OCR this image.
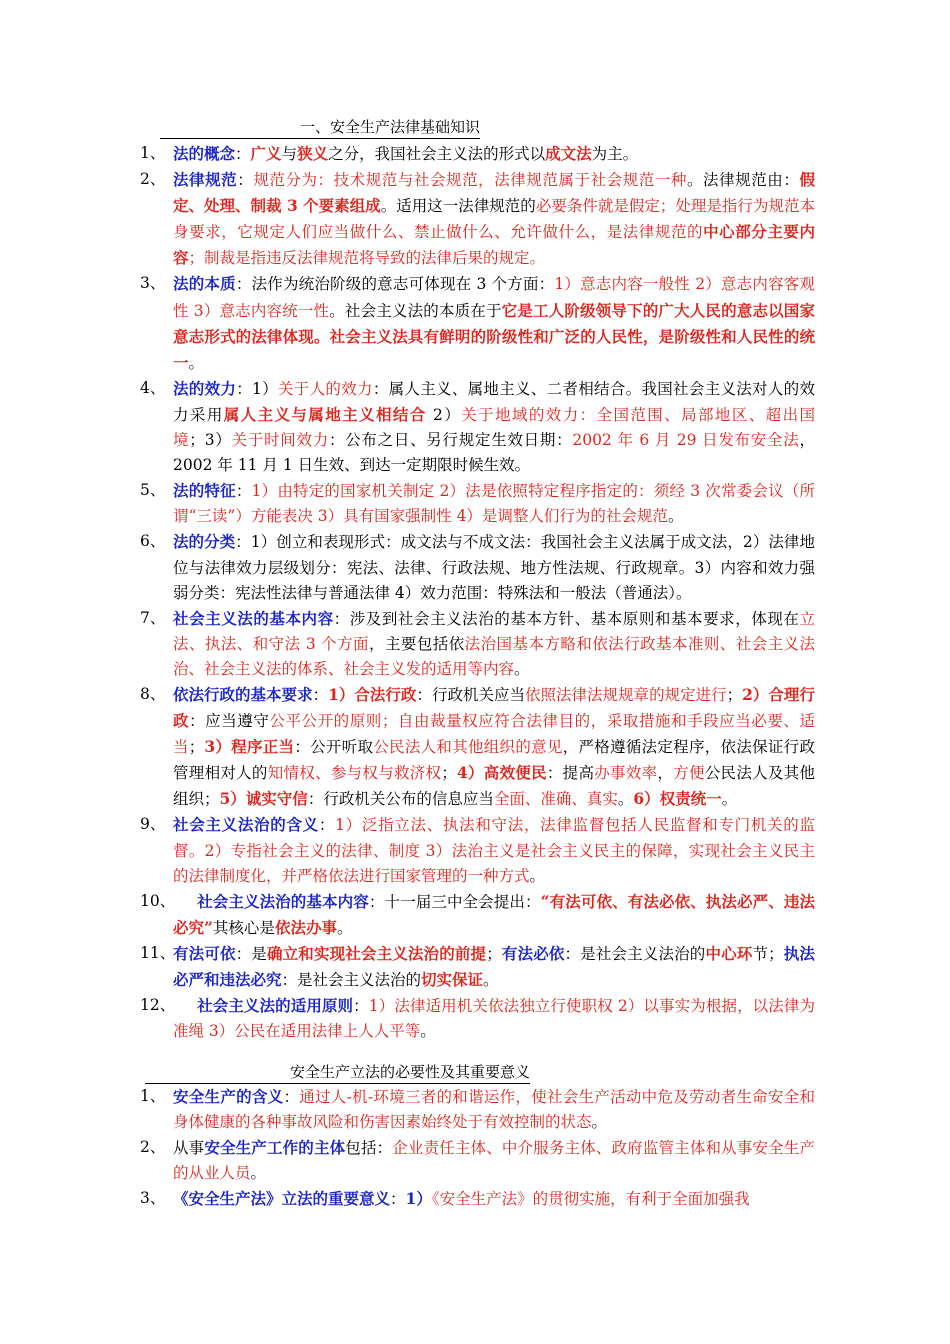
一、安全生产法律基础知识
1、 法的概念：广义与狭义之分，我国社会主义法的形式以成文法为主。
2、 法律规范：规范分为：技术规范与社会规范，法律规范属于社会规范一种。法律规范由：假定、处理、制裁 3 个要素组成。适用这一法律规范的必要条件就是假定；处理是指行为规范本身要求，它规定人们应当做什么、禁止做什么、允许做什么，是法律规范的中心部分主要内容；制裁是指违反法律规范将导致的法律后果的规定。
3、 法的本质：法作为统治阶级的意志可体现在 3 个方面：1）意志内容一般性 2）意志内容客观性 3）意志内容统一性。社会主义法的本质在于它是工人阶级领导下的广大人民的意志以国家意志形式的法律体现。社会主义法具有鲜明的阶级性和广泛的人民性，是阶级性和人民性的统一。
4、 法的效力：1）关于人的效力：属人主义、属地主义、二者相结合。我国社会主义法对人的效力采用属人主义与属地主义相结合 2）关于地域的效力：全国范围、局部地区、超出国境；3）关于时间效力：公布之日、另行规定生效日期：2002 年 6 月 29 日发布安全法，2002 年 11 月 1 日生效、到达一定期限时候生效。
5、 法的特征：1）由特定的国家机关制定 2）法是依照特定程序指定的：须经 3 次常委会议（所谓“三读”）方能表决 3）具有国家强制性 4）是调整人们行为的社会规范。
6、 法的分类：1）创立和表现形式：成文法与不成文法：我国社会主义法属于成文法，2）法律地位与法律效力层级划分：宪法、法律、行政法规、地方性法规、行政规章。3）内容和效力强弱分类：宪法性法律与普通法律 4）效力范围：特殊法和一般法（普通法）。
7、 社会主义法的基本内容：涉及到社会主义法治的基本方针、基本原则和基本要求，体现在立法、执法、和守法 3 个方面，主要包括依法治国基本方略和依法行政基本准则、社会主义法治、社会主义法的体系、社会主义发的适用等内容。
8、 依法行政的基本要求：1）合法行政：行政机关应当依照法律法规规章的规定进行；2）合理行政：应当遵守公平公开的原则；自由裁量权应符合法律目的，采取措施和手段应当必要、适当；3）程序正当：公开听取公民法人和其他组织的意见，严格遵循法定程序，依法保证行政管理相对人的知情权、参与权与救济权；4）高效便民：提高办事效率，方便公民法人及其他组织；5）诚实守信：行政机关公布的信息应当全面、准确、真实。6）权责统一。
9、 社会主义法治的含义：1）泛指立法、执法和守法，法律监督包括人民监督和专门机关的监督。2）专指社会主义的法律、制度 3）法治主义是社会主义民主的保障，实现社会主义民主的法律制度化，并严格依法进行国家管理的一种方式。
10、	社会主义法治的基本内容：十一届三中全会提出：“有法可依、有法必依、执法必严、违法必究”其核心是依法办事。
11、
有法可依：是确立和实现社会主义法治的前提；有法必依：是社会主义法治的中心环节；执法必严和违法必究：是社会主义法治的切实保证。
12、	社会主义法的适用原则：1）法律适用机关依法独立行使职权 2）以事实为根据，以法律为准绳 3）公民在适用法律上人人平等。
安全生产立法的必要性及其重要意义
1、 安全生产的含义：通过人-机-环境三者的和谐运作，使社会生产活动中危及劳动者生命安全和身体健康的各种事故风险和伤害因素始终处于有效控制的状态。
2、 从事安全生产工作的主体包括：企业责任主体、中介服务主体、政府监管主体和从事安全生产的从业人员。
3、 《安全生产法》立法的重要意义：1）《安全生产法》的贯彻实施，有利于全面加强我
